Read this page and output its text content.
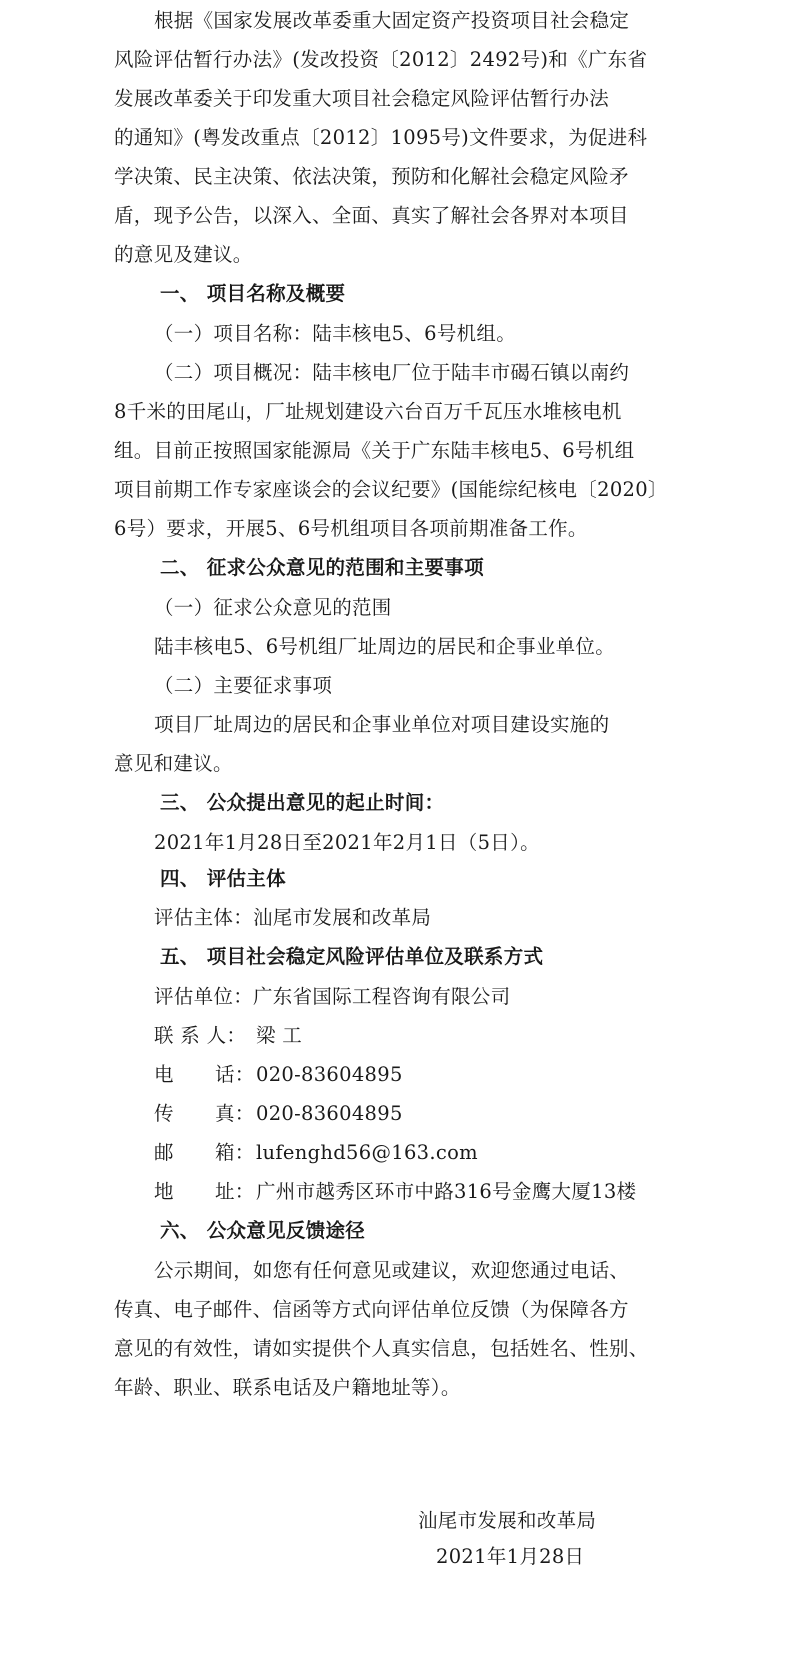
根据《国家发展改革委重大固定资产投资项目社会稳定
风险评估暂行办法》(发改投资〔2012〕2492号)和《广东省
发展改革委关于印发重大项目社会稳定风险评估暂行办法
的通知》(粤发改重点〔2012〕1095号)文件要求，为促进科
学决策、民主决策、依法决策，预防和化解社会稳定风险矛
盾，现予公告，以深入、全面、真实了解社会各界对本项目
的意见及建议。
一、 项目名称及概要
（一）项目名称：陆丰核电5、6号机组。
（二）项目概况：陆丰核电厂位于陆丰市碣石镇以南约
8千米的田尾山，厂址规划建设六台百万千瓦压水堆核电机
组。目前正按照国家能源局《关于广东陆丰核电5、6号机组
项目前期工作专家座谈会的会议纪要》(国能综纪核电〔2020〕
6号）要求，开展5、6号机组项目各项前期准备工作。
二、 征求公众意见的范围和主要事项
（一）征求公众意见的范围
陆丰核电5、6号机组厂址周边的居民和企事业单位。
（二）主要征求事项
项目厂址周边的居民和企事业单位对项目建设实施的
意见和建议。
三、 公众提出意见的起止时间：
2021年1月28日至2021年2月1日（5日）。
四、 评估主体
评估主体：汕尾市发展和改革局
五、 项目社会稳定风险评估单位及联系方式
评估单位：广东省国际工程咨询有限公司
联 系 人： 梁 工
电 话： 020-83604895
传 真： 020-83604895
邮 箱： lufenghd56@163.com
地 址： 广州市越秀区环市中路316号金鹰大厦13楼
六、 公众意见反馈途径
公示期间，如您有任何意见或建议，欢迎您通过电话、
传真、电子邮件、信函等方式向评估单位反馈（为保障各方
意见的有效性，请如实提供个人真实信息，包括姓名、性别、
年龄、职业、联系电话及户籍地址等）。
汕尾市发展和改革局
2021年1月28日
